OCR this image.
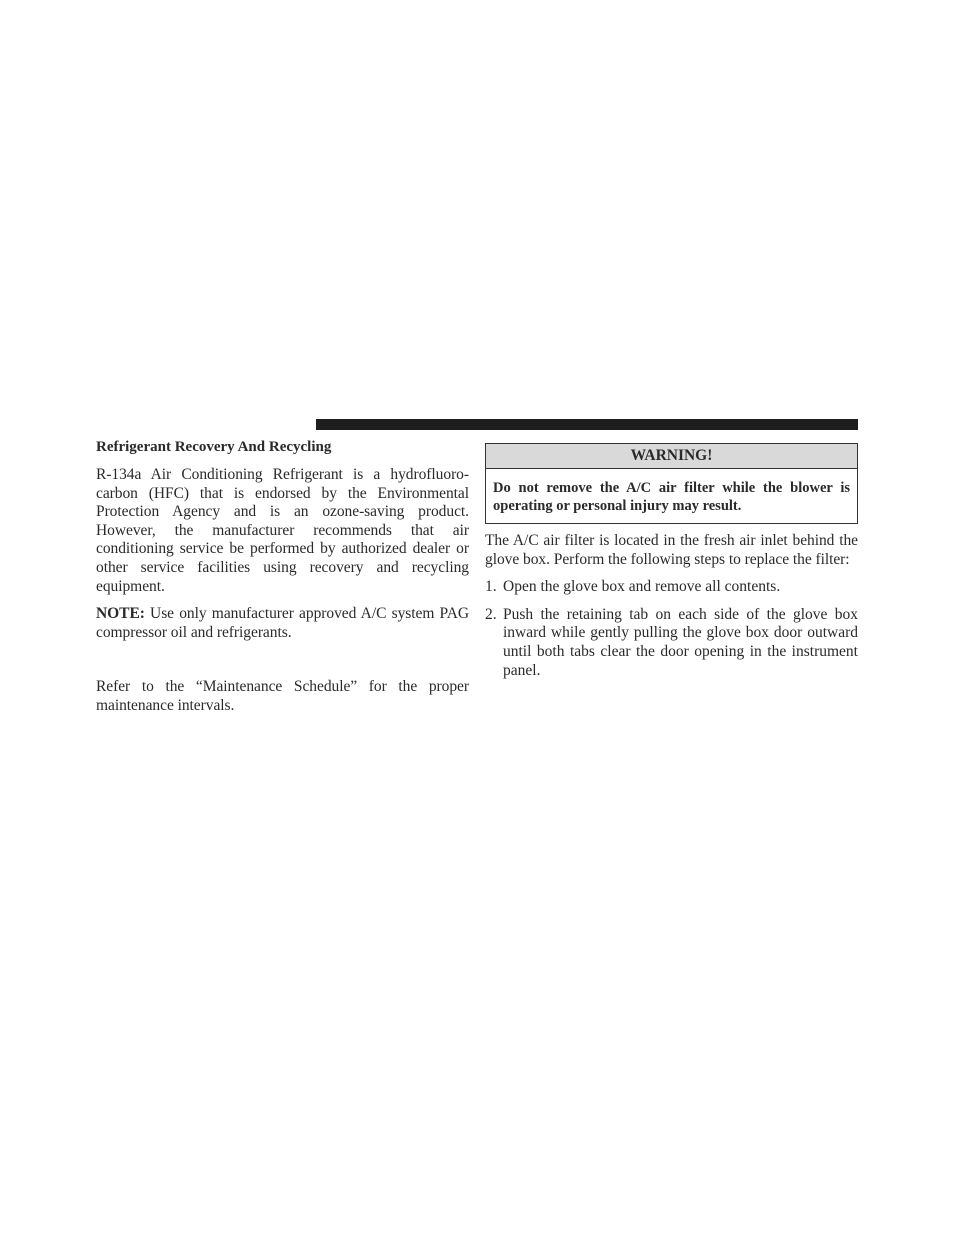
Refrigerant Recovery And Recycling

R-134a Air Conditioning Refrigerant is a hydrofluoro-carbon (HFC) that is endorsed by the Environmental Protection Agency and is an ozone-saving product. However, the manufacturer recommends that air conditioning service be performed by authorized dealer or other service facilities using recovery and recycling equipment.

NOTE: Use only manufacturer approved A/C system PAG compressor oil and refrigerants.

Refer to the “Maintenance Schedule” for the proper maintenance intervals.

WARNING!
Do not remove the A/C air filter while the blower is operating or personal injury may result.

The A/C air filter is located in the fresh air inlet behind the glove box. Perform the following steps to replace the filter:

1. Open the glove box and remove all contents.
2. Push the retaining tab on each side of the glove box inward while gently pulling the glove box door outward until both tabs clear the door opening in the instrument panel.
